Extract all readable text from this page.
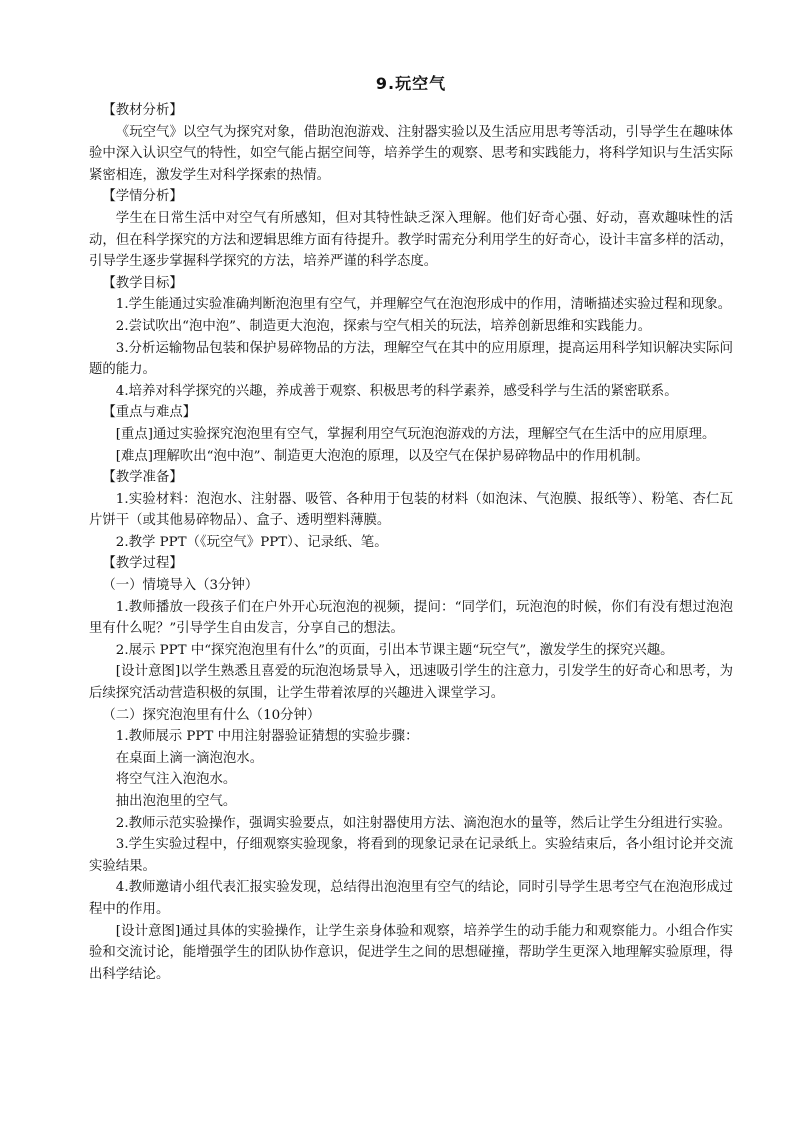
9.玩空气
【教材分析】

《玩空气》以空气为探究对象，借助泡泡游戏、注射器实验以及生活应用思考等活动，引导学生在趣味体验中深入认识空气的特性，如空气能占据空间等，培养学生的观察、思考和实践能力，将科学知识与生活实际紧密相连，激发学生对科学探索的热情。

【学情分析】

学生在日常生活中对空气有所感知，但对其特性缺乏深入理解。他们好奇心强、好动，喜欢趣味性的活动，但在科学探究的方法和逻辑思维方面有待提升。教学时需充分利用学生的好奇心，设计丰富多样的活动，引导学生逐步掌握科学探究的方法，培养严谨的科学态度。

【教学目标】

1.学生能通过实验准确判断泡泡里有空气，并理解空气在泡泡形成中的作用，清晰描述实验过程和现象。

2.尝试吹出“泡中泡”、制造更大泡泡，探索与空气相关的玩法，培养创新思维和实践能力。

3.分析运输物品包装和保护易碎物品的方法，理解空气在其中的应用原理，提高运用科学知识解决实际问题的能力。

4.培养对科学探究的兴趣，养成善于观察、积极思考的科学素养，感受科学与生活的紧密联系。

【重点与难点】

[重点]通过实验探究泡泡里有空气，掌握利用空气玩泡泡游戏的方法，理解空气在生活中的应用原理。

[难点]理解吹出“泡中泡”、制造更大泡泡的原理，以及空气在保护易碎物品中的作用机制。

【教学准备】

1.实验材料：泡泡水、注射器、吸管、各种用于包装的材料（如泡沫、气泡膜、报纸等）、粉笔、杏仁瓦片饼干（或其他易碎物品）、盒子、透明塑料薄膜。

2.教学 PPT（《玩空气》PPT）、记录纸、笔。

【教学过程】
（一）情境导入（3分钟）

1.教师播放一段孩子们在户外开心玩泡泡的视频，提问：“同学们，玩泡泡的时候，你们有没有想过泡泡里有什么呢？”引导学生自由发言，分享自己的想法。

2.展示 PPT 中“探究泡泡里有什么”的页面，引出本节课主题“玩空气”，激发学生的探究兴趣。

[设计意图]以学生熟悉且喜爱的玩泡泡场景导入，迅速吸引学生的注意力，引发学生的好奇心和思考，为后续探究活动营造积极的氛围，让学生带着浓厚的兴趣进入课堂学习。

（二）探究泡泡里有什么（10分钟）

1.教师展示 PPT 中用注射器验证猜想的实验步骤：

在桌面上滴一滴泡泡水。

将空气注入泡泡水。

抽出泡泡里的空气。

2.教师示范实验操作，强调实验要点，如注射器使用方法、滴泡泡水的量等，然后让学生分组进行实验。

3.学生实验过程中，仔细观察实验现象，将看到的现象记录在记录纸上。实验结束后，各小组讨论并交流实验结果。

4.教师邀请小组代表汇报实验发现，总结得出泡泡里有空气的结论，同时引导学生思考空气在泡泡形成过程中的作用。

[设计意图]通过具体的实验操作，让学生亲身体验和观察，培养学生的动手能力和观察能力。小组合作实验和交流讨论，能增强学生的团队协作意识，促进学生之间的思想碰撞，帮助学生更深入地理解实验原理，得出科学结论。
